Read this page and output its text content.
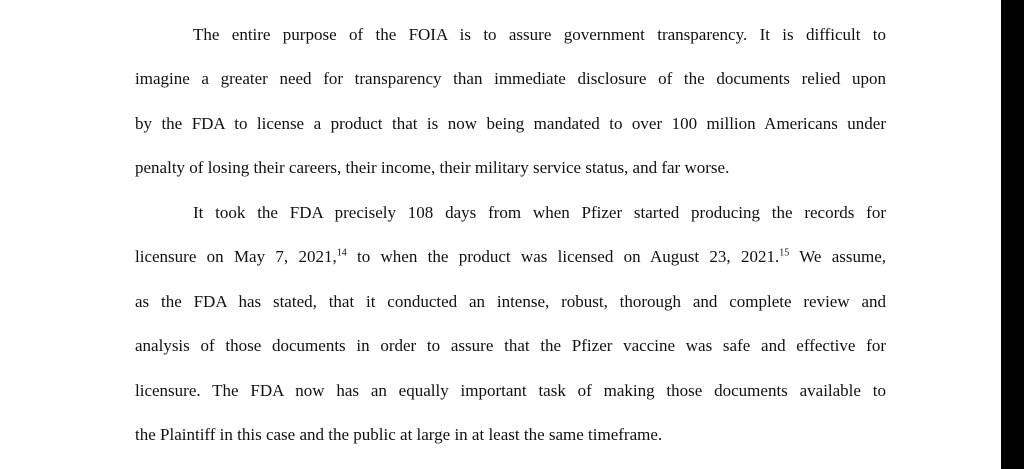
The entire purpose of the FOIA is to assure government transparency. It is difficult to

imagine a greater need for transparency than immediate disclosure of the documents relied upon

by the FDA to license a product that is now being mandated to over 100 million Americans under

penalty of losing their careers, their income, their military service status, and far worse.

It took the FDA precisely 108 days from when Pfizer started producing the records for

licensure on May 7, 2021,14 to when the product was licensed on August 23, 2021.15 We assume,

as the FDA has stated, that it conducted an intense, robust, thorough and complete review and

analysis of those documents in order to assure that the Pfizer vaccine was safe and effective for

licensure. The FDA now has an equally important task of making those documents available to

the Plaintiff in this case and the public at large in at least the same timeframe.
